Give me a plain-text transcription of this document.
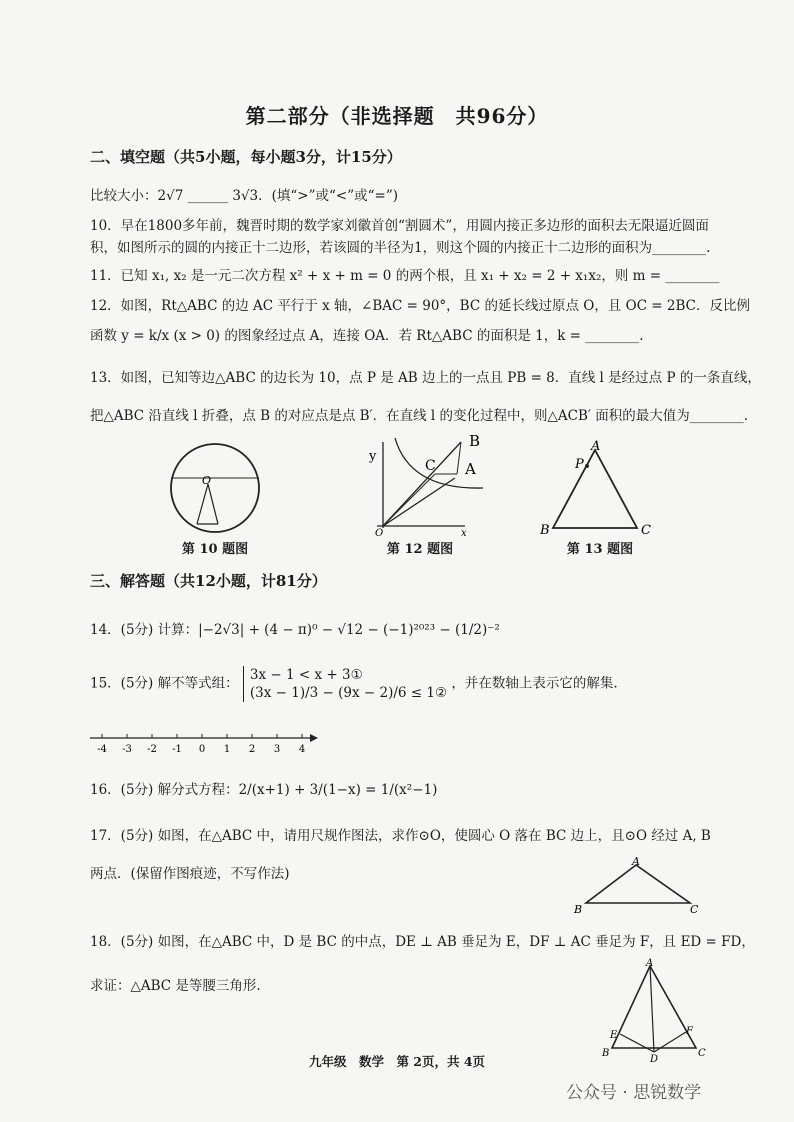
第二部分（非选择题　共96分）
二、填空题（共5小题，每小题3分，计15分）
比较大小：2√7 ______ 3√3．(填“>”或“<”或“=”)
10．早在1800多年前，魏晋时期的数学家刘徽首创“割圆术”，用圆内接正多边形的面积去无限逼近圆面
积，如图所示的圆的内接正十二边形，若该圆的半径为1，则这个圆的内接正十二边形的面积为________.
11．已知 x₁, x₂ 是一元二次方程 x² + x + m = 0 的两个根，且 x₁ + x₂ = 2 + x₁x₂，则 m = ________
12．如图，Rt△ABC 的边 AC 平行于 x 轴，∠BAC = 90°，BC 的延长线过原点 O，且 OC = 2BC．反比例
函数 y = k/x (x > 0) 的图象经过点 A，连接 OA．若 Rt△ABC 的面积是 1，k = ________.
13．如图，已知等边△ABC 的边长为 10，点 P 是 AB 边上的一点且 PB = 8．直线 l 是经过点 P 的一条直线，
把△ABC 沿直线 l 折叠，点 B 的对应点是点 B′．在直线 l 的变化过程中，则△ACB′ 面积的最大值为________.
O
第 10 题图
y
x
O
B
A
C
第 12 题图
A
P
B	C
第 13 题图
三、解答题（共12小题，计81分）
14．(5分) 计算：|−2√3| + (4 − π)⁰ − √12 − (−1)²⁰²³ − (1/2)⁻²
15．(5分) 解不等式组： 3x − 1 < x + 3①
(3x − 1)/3 − (9x − 2)/6 ≤ 1② ，并在数轴上表示它的解集.
-4 -3 -2 -1 0 1 2 3 4
16．(5分) 解分式方程：2/(x+1) + 3/(1−x) = 1/(x²−1)
17．(5分) 如图，在△ABC 中，请用尺规作图法，求作⊙O，使圆心 O 落在 BC 边上，且⊙O 经过 A, B
两点．(保留作图痕迹，不写作法)
A
B	C
18．(5分) 如图，在△ABC 中，D 是 BC 的中点，DE ⊥ AB 垂足为 E，DF ⊥ AC 垂足为 F，且 ED = FD，
求证：△ABC 是等腰三角形.
A
E	F
B
D
C
九年级　数学　第 2页，共 4页
公众号 · 思锐数学
